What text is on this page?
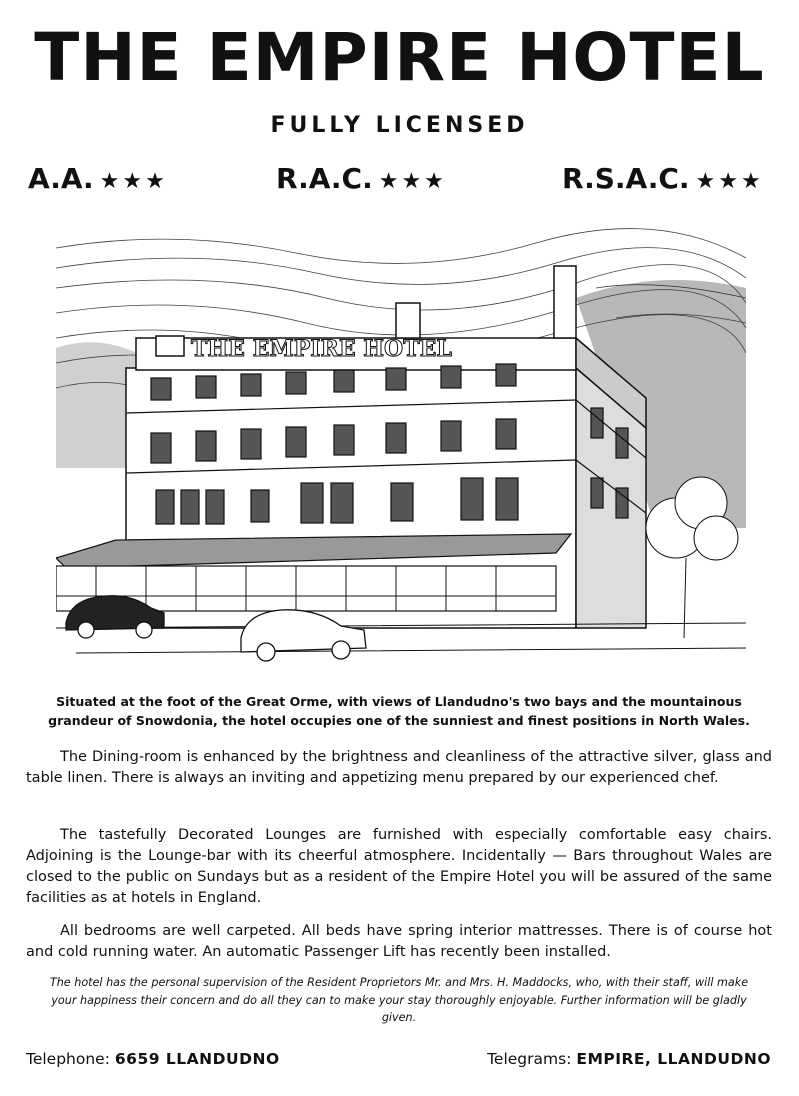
THE EMPIRE HOTEL
FULLY LICENSED
A.A. ★★★	R.A.C. ★★★	R.S.A.C. ★★★
THE EMPIRE HOTEL
Situated at the foot of the Great Orme, with views of Llandudno's two bays and the mountainous grandeur of Snowdonia, the hotel occupies one of the sunniest and finest positions in North Wales.

The Dining-room is enhanced by the brightness and cleanliness of the attractive silver, glass and table linen. There is always an inviting and appetizing menu prepared by our experienced chef.

The tastefully Decorated Lounges are furnished with especially comfortable easy chairs. Adjoining is the Lounge-bar with its cheerful atmosphere. Incidentally — Bars throughout Wales are closed to the public on Sundays but as a resident of the Empire Hotel you will be assured of the same facilities as at hotels in England.

All bedrooms are well carpeted. All beds have spring interior mattresses. There is of course hot and cold running water. An automatic Passenger Lift has recently been installed.

The hotel has the personal supervision of the Resident Proprietors Mr. and Mrs. H. Maddocks, who, with their staff, will make your happiness their concern and do all they can to make your stay thoroughly enjoyable. Further information will be gladly given.
Telephone: 6659 LLANDUDNO	Telegrams: EMPIRE, LLANDUDNO
